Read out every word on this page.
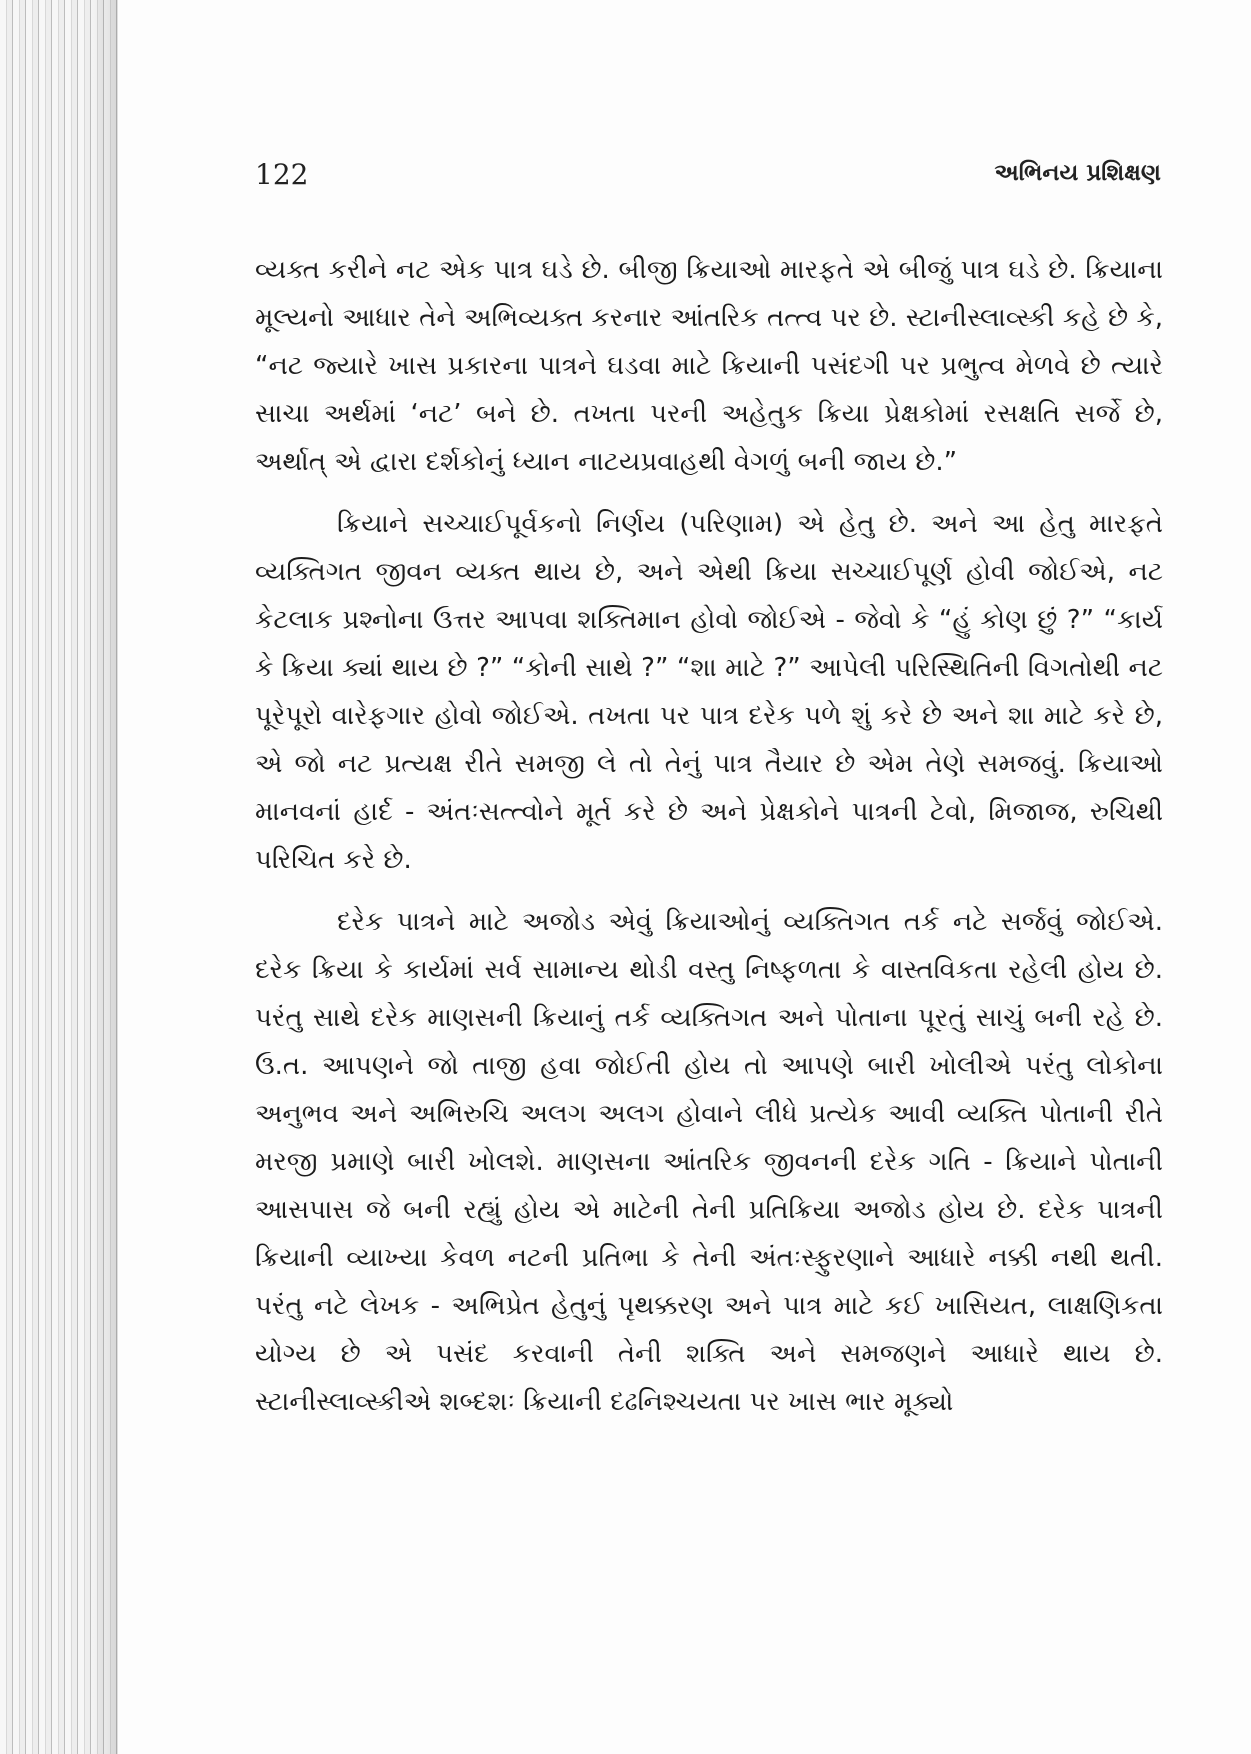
122	અભિનય પ્રશિક્ષણ

વ્યક્ત કરીને નટ એક પાત્ર ઘડે છે. બીજી ક્રિયાઓ મારફતે એ બીજું પાત્ર ઘડે છે. ક્રિયાના મૂલ્યનો આધાર તેને અભિવ્યક્ત કરનાર આંતરિક તત્ત્વ પર છે. સ્ટાનીસ્લાવ્સ્કી કહે છે કે, “નટ જ્યારે ખાસ પ્રકારના પાત્રને ઘડવા માટે ક્રિયાની પસંદગી પર પ્રભુત્વ મેળવે છે ત્યારે સાચા અર્થમાં ‘નટ’ બને છે. તખતા પરની અહેતુક ક્રિયા પ્રેક્ષકોમાં રસક્ષતિ સર્જે છે, અર્થાત્ એ દ્વારા દર્શકોનું ધ્યાન નાટયપ્રવાહથી વેગળું બની જાય છે.”

ક્રિયાને સચ્ચાઈપૂર્વકનો નિર્ણય (પરિણામ) એ હેતુ છે. અને આ હેતુ મારફતે વ્યક્તિગત જીવન વ્યક્ત થાય છે, અને એથી ક્રિયા સચ્ચાઈપૂર્ણ હોવી જોઈએ, નટ કેટલાક પ્રશ્નોના ઉત્તર આપવા શક્તિમાન હોવો જોઈએ - જેવો કે “હું કોણ છું ?” “કાર્ય કે ક્રિયા ક્યાં થાય છે ?” “કોની સાથે ?” “શા માટે ?” આપેલી પરિસ્થિતિની વિગતોથી નટ પૂરેપૂરો વારેફગાર હોવો જોઈએ. તખતા પર પાત્ર દરેક પળે શું કરે છે અને શા માટે કરે છે, એ જો નટ પ્રત્યક્ષ રીતે સમજી લે તો તેનું પાત્ર તૈયાર છે એમ તેણે સમજવું. ક્રિયાઓ માનવનાં હાર્દ - અંતઃસત્ત્વોને મૂર્ત કરે છે અને પ્રેક્ષકોને પાત્રની ટેવો, મિજાજ, રુચિથી પરિચિત કરે છે.

દરેક પાત્રને માટે અજોડ એવું ક્રિયાઓનું વ્યક્તિગત તર્ક નટે સર્જવું જોઈએ. દરેક ક્રિયા કે કાર્યમાં સર્વ સામાન્ય થોડી વસ્તુ નિષ્ફળતા કે વાસ્તવિકતા રહેલી હોય છે. પરંતુ સાથે દરેક માણસની ક્રિયાનું તર્ક વ્યક્તિગત અને પોતાના પૂરતું સાચું બની રહે છે. ઉ.ત. આપણને જો તાજી હવા જોઈતી હોય તો આપણે બારી ખોલીએ પરંતુ લોકોના અનુભવ અને અભિરુચિ અલગ અલગ હોવાને લીધે પ્રત્યેક આવી વ્યક્તિ પોતાની રીતે મરજી પ્રમાણે બારી ખોલશે. માણસના આંતરિક જીવનની દરેક ગતિ - ક્રિયાને પોતાની આસપાસ જે બની રહ્યું હોય એ માટેની તેની પ્રતિક્રિયા અજોડ હોય છે. દરેક પાત્રની ક્રિયાની વ્યાખ્યા કેવળ નટની પ્રતિભા કે તેની અંતઃસ્ફુરણાને આધારે નક્કી નથી થતી. પરંતુ નટે લેખક - અભિપ્રેત હેતુનું પૃથક્કરણ અને પાત્ર માટે કઈ ખાસિયત, લાક્ષણિકતા યોગ્ય છે એ પસંદ કરવાની તેની શક્તિ અને સમજણને આધારે થાય છે. સ્ટાનીસ્લાવ્સ્કીએ શબ્દશઃ ક્રિયાની દઢનિશ્ચયતા પર ખાસ ભાર મૂક્યો
